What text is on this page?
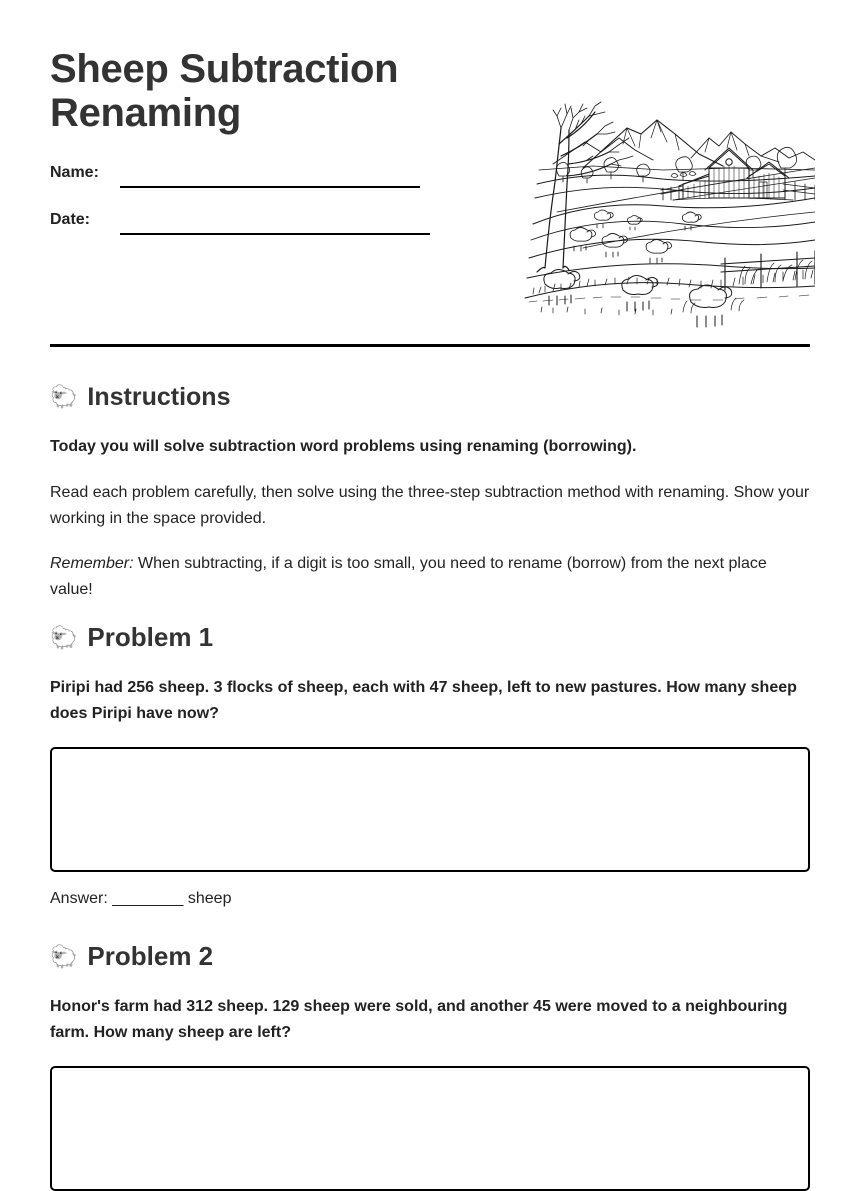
Sheep Subtraction Renaming
Name:
Date:
🐑 Instructions

Today you will solve subtraction word problems using renaming (borrowing).

Read each problem carefully, then solve using the three-step subtraction method with renaming. Show your working in the space provided.

Remember: When subtracting, if a digit is too small, you need to rename (borrow) from the next place value!

🐑 Problem 1

Piripi had 256 sheep. 3 flocks of sheep, each with 47 sheep, left to new pastures. How many sheep does Piripi have now?

Answer: ________ sheep
🐑 Problem 2

Honor's farm had 312 sheep. 129 sheep were sold, and another 45 were moved to a neighbouring farm. How many sheep are left?
